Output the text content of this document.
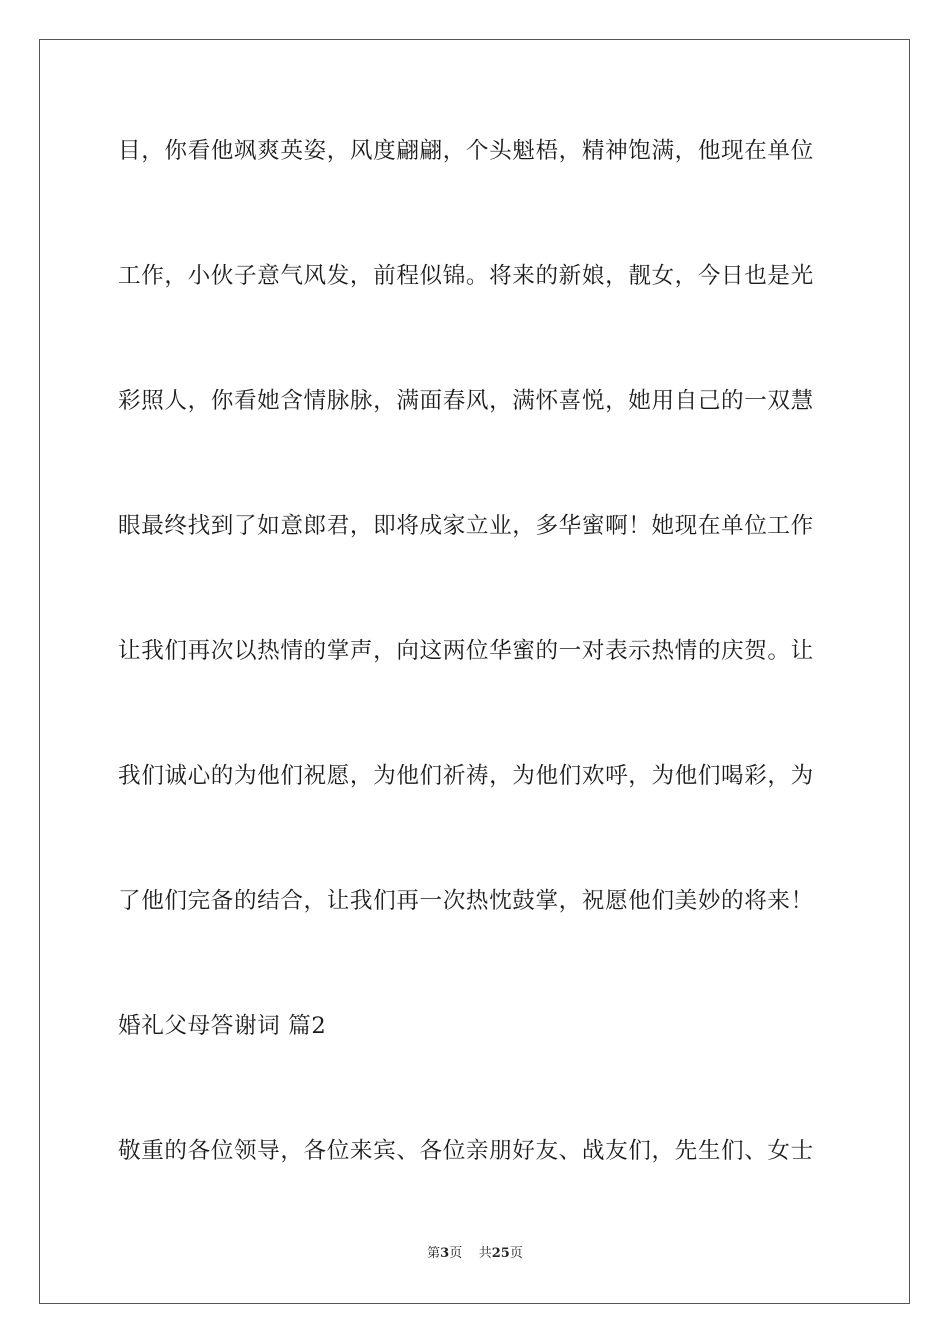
目，你看他飒爽英姿，风度翩翩，个头魁梧，精神饱满，他现在单位
工作，小伙子意气风发，前程似锦。将来的新娘，靓女，今日也是光
彩照人，你看她含情脉脉，满面春风，满怀喜悦，她用自己的一双慧
眼最终找到了如意郎君，即将成家立业，多华蜜啊！她现在单位工作
让我们再次以热情的掌声，向这两位华蜜的一对表示热情的庆贺。让
我们诚心的为他们祝愿，为他们祈祷，为他们欢呼，为他们喝彩，为
了他们完备的结合，让我们再一次热忱鼓掌，祝愿他们美妙的将来！
婚礼父母答谢词 篇2
敬重的各位领导，各位来宾、各位亲朋好友、战友们，先生们、女士
第3页 共25页
